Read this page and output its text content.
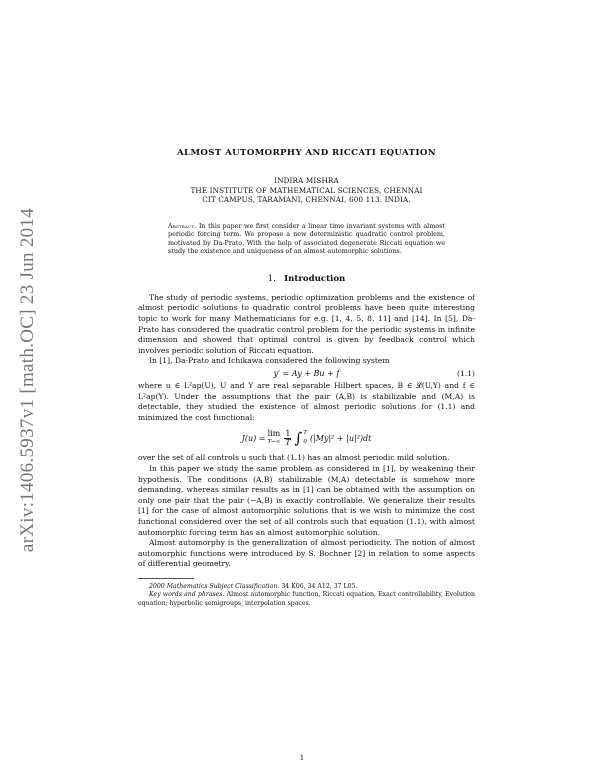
arXiv:1406.5937v1 [math.OC] 23 Jun 2014
ALMOST AUTOMORPHY AND RICCATI EQUATION
INDIRA MISHRA
THE INSTITUTE OF MATHEMATICAL SCIENCES, CHENNAI
CIT CAMPUS, TARAMANI, CHENNAI, 600 113. INDIA.
Abstract. In this paper we first consider a linear time invariant systems with almost periodic forcing term. We propose a new deterministic quadratic control problem, motivated by Da-Prato. With the help of associated degenerate Riccati equation we study the existence and uniqueness of an almost automorphic solutions.
1. Introduction

The study of periodic systems, periodic optimization problems and the existence of almost periodic solutions to quadratic control problems have been quite interesting topic to work for many Mathematicians for e.g. [1, 4, 5, 8, 11] and [14]. In [5], Da-Prato has considered the quadratic control problem for the periodic systems in infinite dimension and showed that optimal control is given by feedback control which involves periodic solution of Riccati equation.

In [1], Da-Prato and Ichikawa considered the following system

y′ = Ay + Bu + f	(1.1)

where u ∈ L²ap(U), U and Y are real separable Hilbert spaces, B ∈ 𝓛(U,Y) and f ∈ L²ap(Y). Under the assumptions that the pair (A,B) is stabilizable and (M,A) is detectable, they studied the existence of almost periodic solutions for (1.1) and minimized the cost functional:

J(u) = lim
$T\to\infty \frac{1}{T}$ ∫ T
0 (|My|² + |u|²)dt

over the set of all controls u such that (1.1) has an almost periodic mild solution.

In this paper we study the same problem as considered in [1], by weakening their hypothesis. The conditions (A,B) stabilizable (M,A) detectable is somehow more demanding, whereas similar results as in [1] can be obtained with the assumption on only one pair that the pair (−A,B) is exactly controllable. We generalize their results [1] for the case of almost automorphic solutions that is we wish to minimize the cost functional considered over the set of all controls such that equation (1.1), with almost automorphic forcing term has an almost automorphic solution.

Almost automorphy is the generalization of almost periodicity. The notion of almost automorphic functions were introduced by S. Bochner [2] in relation to some aspects of differential geometry.

2000 Mathematics Subject Classification. 34 K06, 34 A12, 37 L05.
Key words and phrases. Almost automorphic function, Riccati equation, Exact controllability, Evolution equation; hyperbolic semigroups, interpolation spaces.
1
